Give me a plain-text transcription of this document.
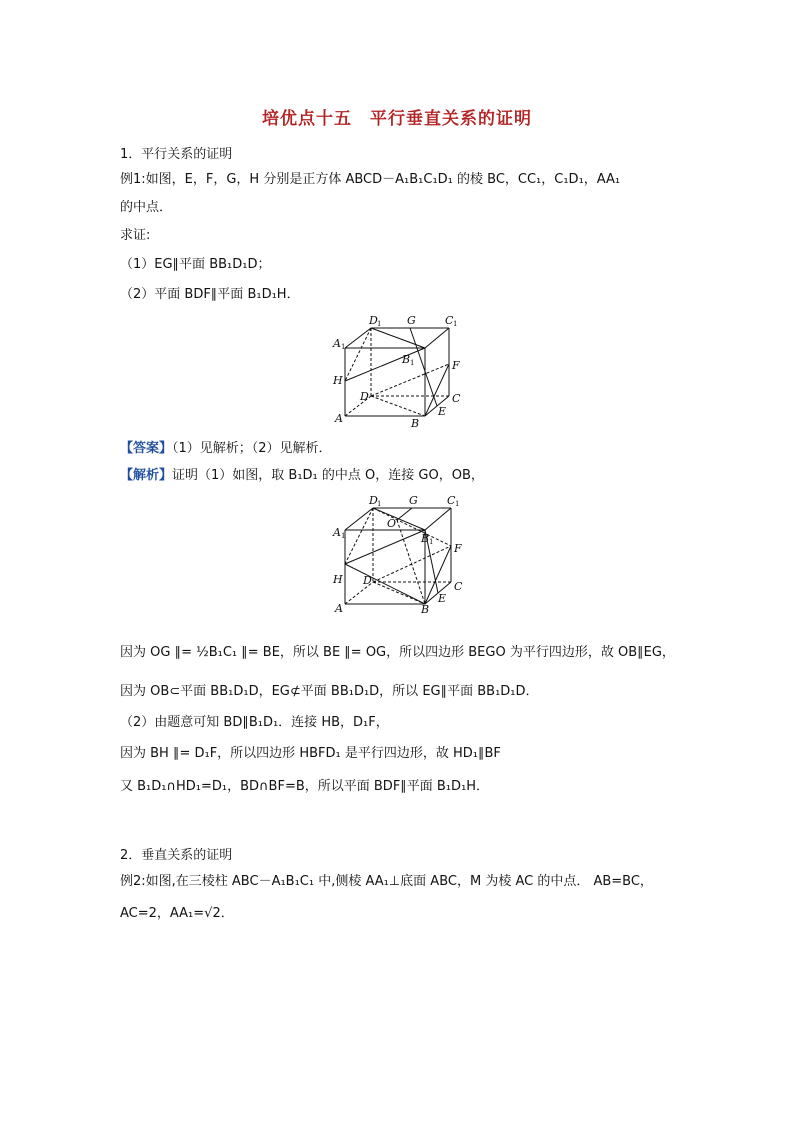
培优点十五　平行垂直关系的证明
1．平行关系的证明
例1:如图，E，F，G，H 分别是正方体 ABCD－A₁B₁C₁D₁ 的棱 BC，CC₁，C₁D₁，AA₁
的中点．
求证:
（1）EG∥平面 BB₁D₁D；
（2）平面 BDF∥平面 B₁D₁H．
D 1 G	C 1
A 1
B 1
H
F
D	C
E
A	B
【答案】（1）见解析；（2）见解析．
【解析】证明（1）如图，取 B₁D₁ 的中点 O，连接 GO，OB，
D 1	G	C 1
O
A 1	B 1 F
H D	C
E
A	B
因为 OG ∥= ½B₁C₁ ∥= BE，所以 BE ∥= OG，所以四边形 BEGO 为平行四边形，故 OB∥EG，
因为 OB⊂平面 BB₁D₁D，EG⊄平面 BB₁D₁D，所以 EG∥平面 BB₁D₁D．
（2）由题意可知 BD∥B₁D₁．连接 HB，D₁F，
因为 BH ∥= D₁F，所以四边形 HBFD₁ 是平行四边形，故 HD₁∥BF
又 B₁D₁∩HD₁=D₁，BD∩BF=B，所以平面 BDF∥平面 B₁D₁H．
2．垂直关系的证明
例2:如图,在三棱柱 ABC－A₁B₁C₁ 中,侧棱 AA₁⊥底面 ABC，M 为棱 AC 的中点． AB=BC，
AC=2，AA₁=√2．
